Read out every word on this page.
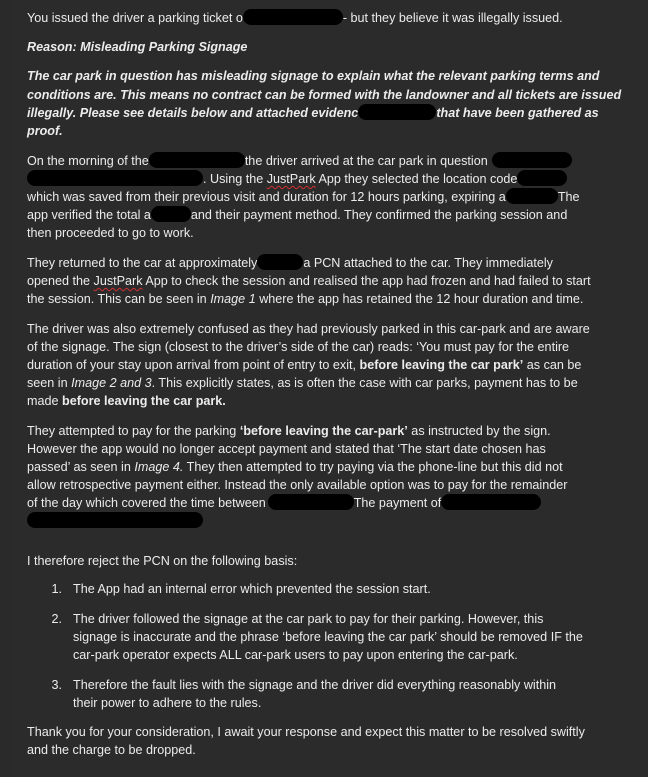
You issued the driver a parking ticket o	- but they believe it was illegally issued.
Reason: Misleading Parking Signage
The car park in question has misleading signage to explain what the relevant parking terms and
conditions are. This means no contract can be formed with the landowner and all tickets are issued
illegally. Please see details below and attached evidenc	that have been gathered as
proof.
On the morning of the	the driver arrived at the car park in question
. Using the JustPark App they selected the location code
which was saved from their previous visit and duration for 12 hours parking, expiring a	The
app verified the total a	and their payment method. They confirmed the parking session and
then proceeded to go to work.
They returned to the car at approximately	a PCN attached to the car. They immediately
opened the JustPark App to check the session and realised the app had frozen and had failed to start
the session. This can be seen in Image 1 where the app has retained the 12 hour duration and time.
The driver was also extremely confused as they had previously parked in this car-park and are aware
of the signage. The sign (closest to the driver’s side of the car) reads: ‘You must pay for the entire
duration of your stay upon arrival from point of entry to exit, before leaving the car park’ as can be
seen in Image 2 and 3. This explicitly states, as is often the case with car parks, payment has to be
made before leaving the car park.
They attempted to pay for the parking ‘before leaving the car-park’ as instructed by the sign.
However the app would no longer accept payment and stated that ‘The start date chosen has
passed’ as seen in Image 4. They then attempted to try paying via the phone-line but this did not
allow retrospective payment either. Instead the only available option was to pay for the remainder
of the day which covered the time between	The payment of
I therefore reject the PCN on the following basis:
1. The App had an internal error which prevented the session start.
2. The driver followed the signage at the car park to pay for their parking. However, this
signage is inaccurate and the phrase ‘before leaving the car park’ should be removed IF the
car-park operator expects ALL car-park users to pay upon entering the car-park.
3. Therefore the fault lies with the signage and the driver did everything reasonably within
their power to adhere to the rules.
Thank you for your consideration, I await your response and expect this matter to be resolved swiftly
and the charge to be dropped.
